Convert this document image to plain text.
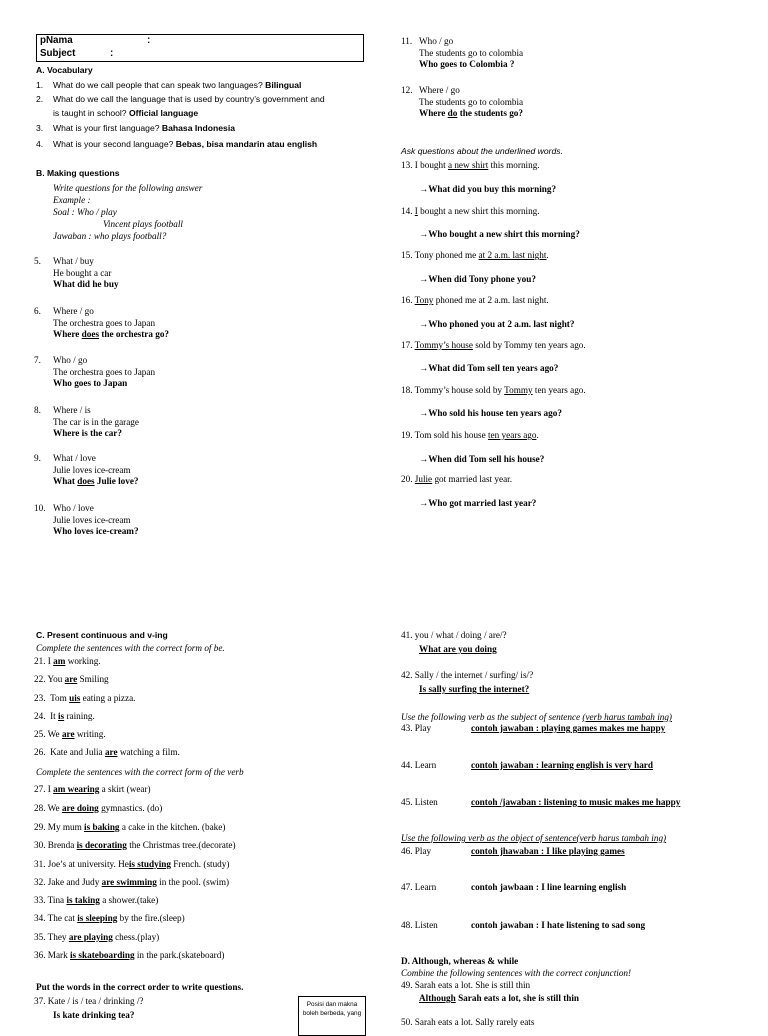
pNama	:
Subject	:
A. Vocabulary
1. What do we call people that can speak two languages? Bilingual
2. What do we call the language that is used by country’s government and
is taught in school? Official language
3. What is your first language? Bahasa Indonesia
4. What is your second language? Bebas, bisa mandarin atau english
B. Making questions
Write questions for the following answer
Example :
Soal : Who / play
Vincent plays football
Jawaban : who plays football?
5. What / buy
He bought a car
What did he buy
6. Where / go
The orchestra goes to Japan
Where does the orchestra go?
7. Who / go
The orchestra goes to Japan
Who goes to Japan
8. Where / is
The car is in the garage
Where is the car?
9. What / love
Julie loves ice-cream
What does Julie love?
10. Who / love
Julie loves ice-cream
Who loves ice-cream?
11. Who / go
The students go to colombia
Who goes to Colombia ?
12. Where / go
The students go to colombia
Where do the students go?
Ask questions about the underlined words.
13. I bought a new shirt this morning.
→What did you buy this morning?
14. I bought a new shirt this morning.
→Who bought a new shirt this morning?
15. Tony phoned me at 2 a.m. last night.
→When did Tony phone you?
16. Tony phoned me at 2 a.m. last night.
→Who phoned you at 2 a.m. last night?
17. Tommy’s house sold by Tommy ten years ago.
→What did Tom sell ten years ago?
18. Tommy’s house sold by Tommy ten years ago.
→Who sold his house ten years ago?
19. Tom sold his house ten years ago.
→When did Tom sell his house?
20. Julie got married last year.
→Who got married last year?
C. Present continuous and v-ing
Complete the sentences with the correct form of be.
21. I am working.
22. You are Smiling
23. Tom uis eating a pizza.
24. It is raining.
25. We are writing.
26. Kate and Julia are watching a film.
Complete the sentences with the correct form of the verb
27. I am wearing a skirt (wear)
28. We are doing gymnastics. (do)
29. My mum is baking a cake in the kitchen. (bake)
30. Brenda is decorating the Christmas tree.(decorate)
31. Joe’s at university. Heis studying French. (study)
32. Jake and Judy are swimming in the pool. (swim)
33. Tina is taking a shower.(take)
34. The cat is sleeping by the fire.(sleep)
35. They are playing chess.(play)
36. Mark is skateboarding in the park.(skateboard)
Put the words in the correct order to write questions.
37. Kate / is / tea / drinking /?
Is kate drinking tea?
Posisi dan makna boleh berbeda, yang
41. you / what / doing / are/?
What are you doing
42. Sally / the internet / surfing/ is/?
Is sally surfing the internet?
Use the following verb as the subject of sentence (verb harus tambah ing)
43. Play	contoh jawaban : playing games makes me happy
44. Learn	contoh jawaban : learning english is very hard
45. Listen	contoh /jawaban : listening to music makes me happy
Use the following verb as the object of sentence(verb harus tambah ing)
46. Play	contoh jhawaban : I like playing games
47. Learn	contoh jawbaan : I line learning english
48. Listen	contoh jawaban : I hate listening to sad song
D. Although, whereas & while
Combine the following sentences with the correct conjunction!
49. Sarah eats a lot. She is still thin
Although Sarah eats a lot, she is still thin
50. Sarah eats a lot. Sally rarely eats
